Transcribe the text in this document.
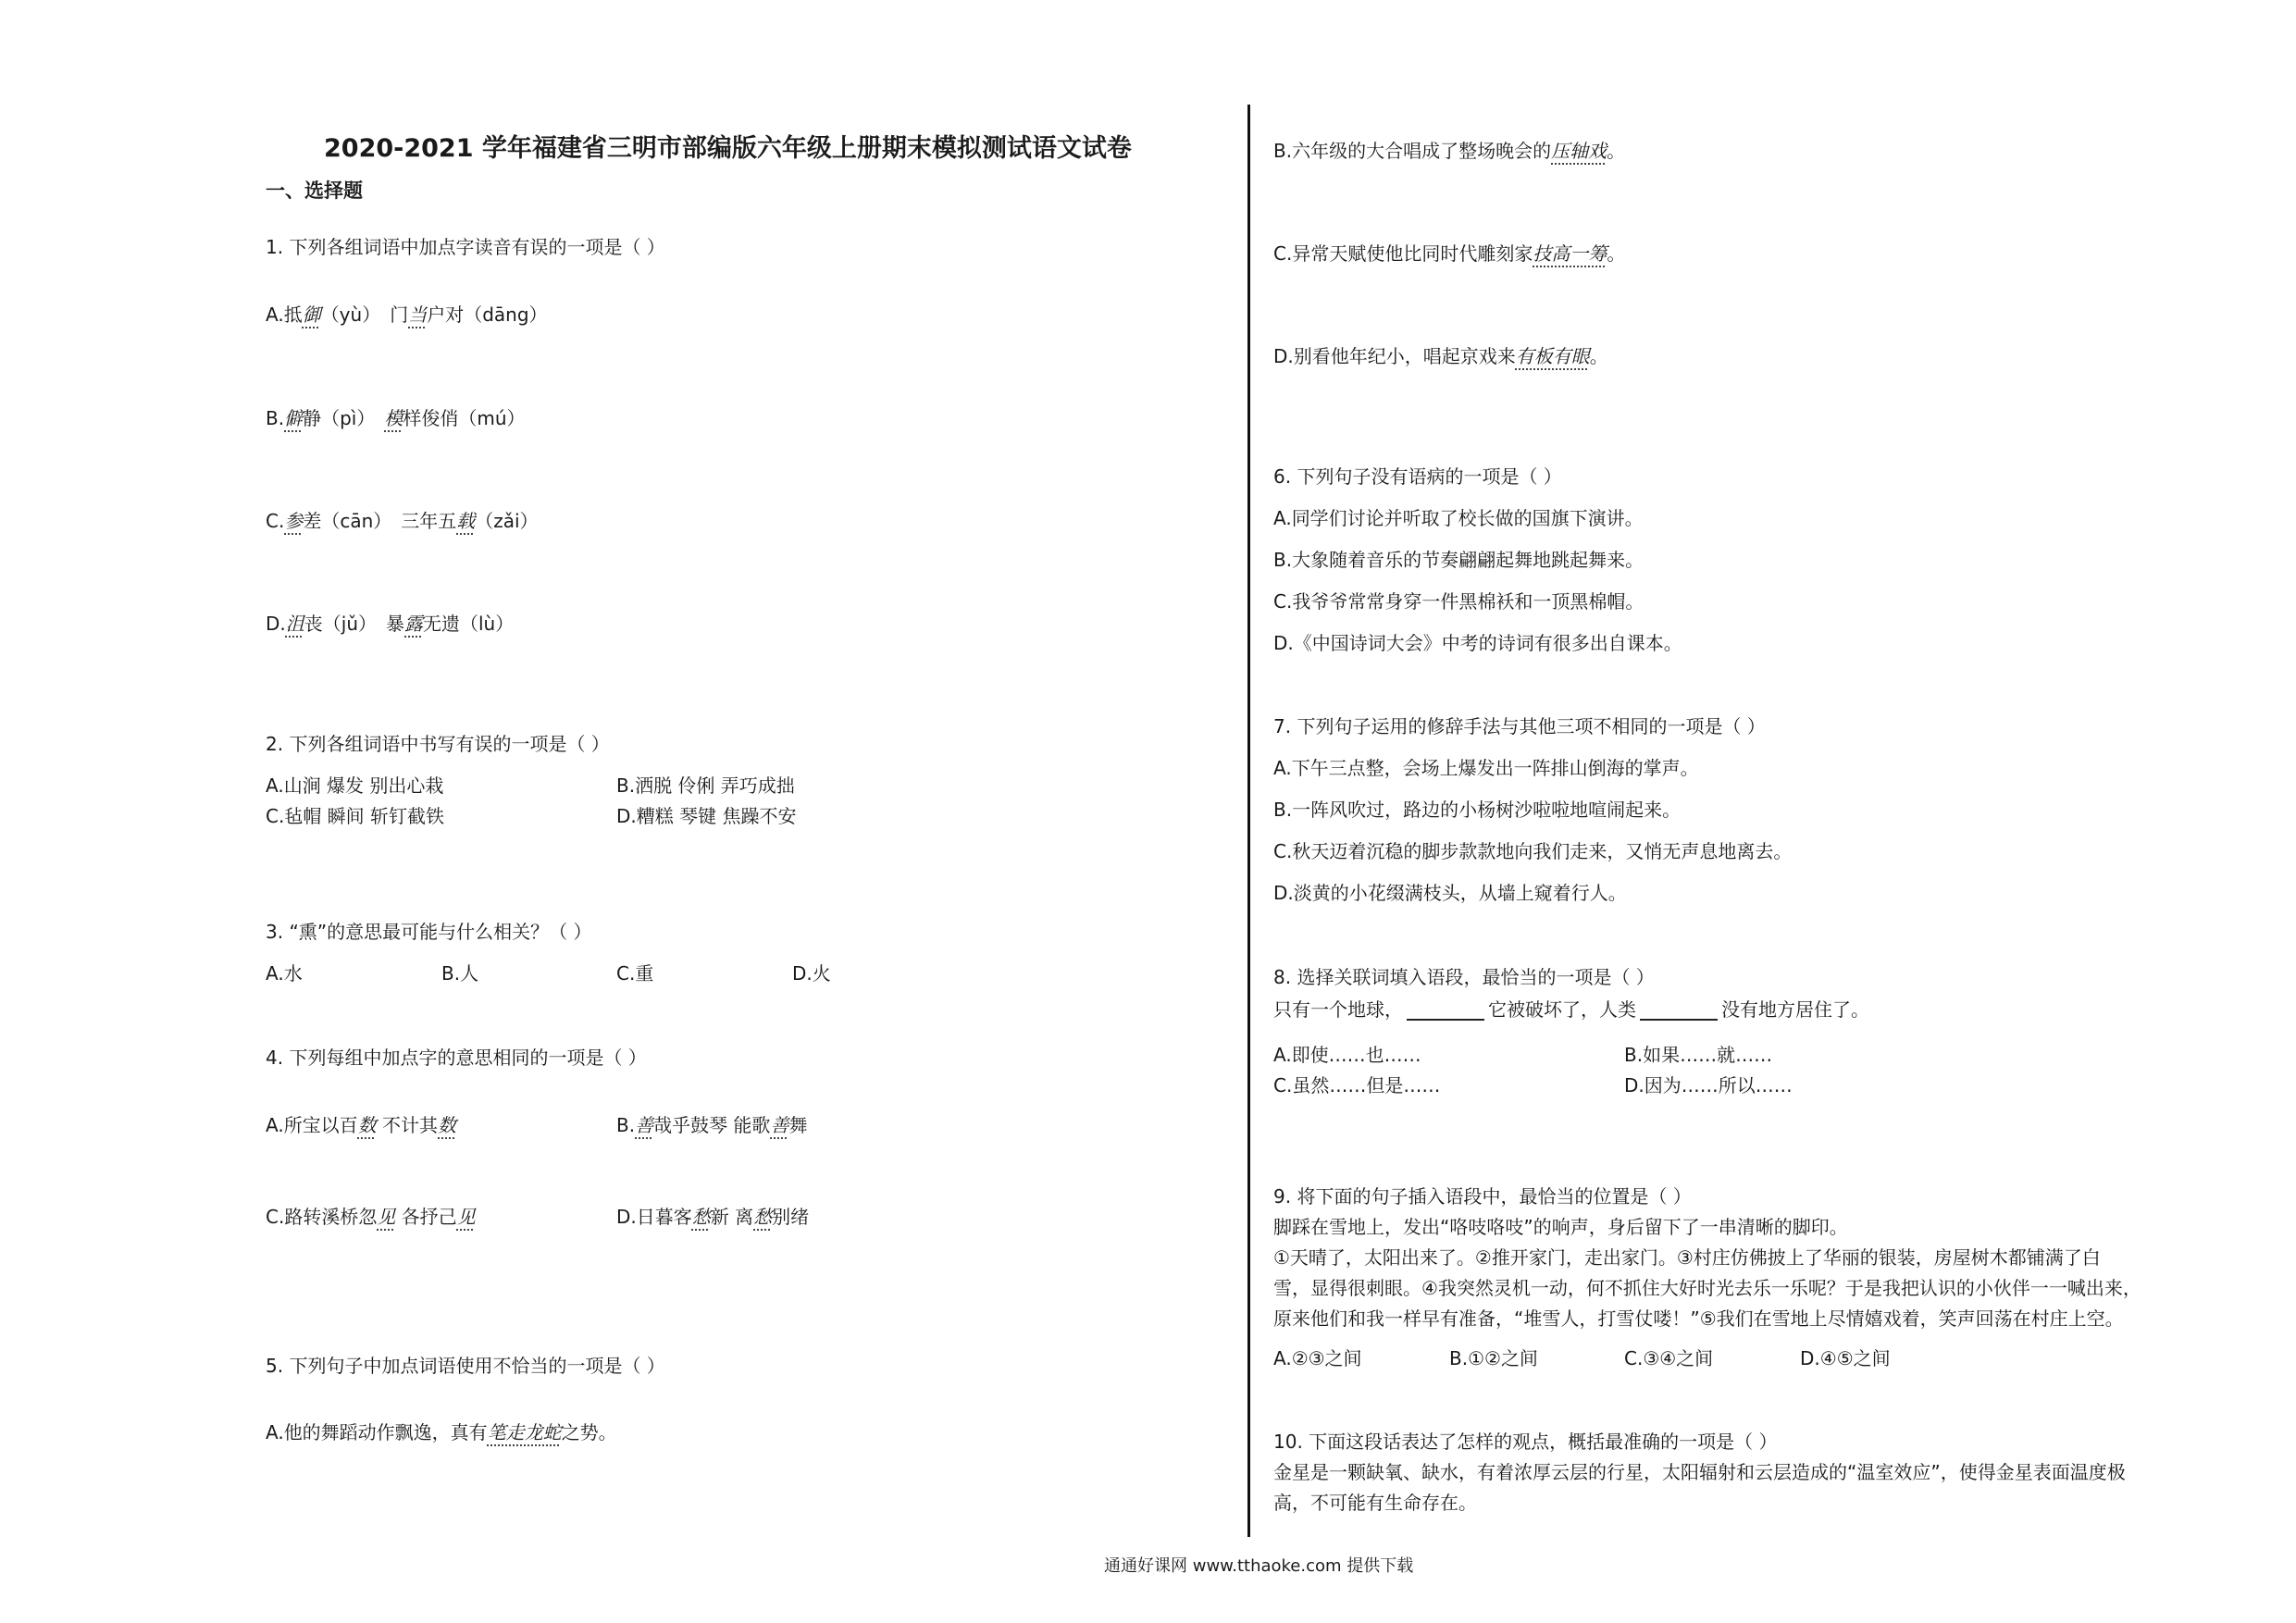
2020-2021 学年福建省三明市部编版六年级上册期末模拟测试语文试卷
一、选择题
1. 下列各组词语中加点字读音有误的一项是（ ）
A.抵御（yù）　门当户对（dāng）
B.僻静（pì）　模样俊俏（mú）
C.参差（cān）　三年五载（zǎi）
D.沮丧（jǔ）　暴露无遗（lù）
2. 下列各组词语中书写有误的一项是（ ）
A.山涧 爆发 别出心栽	B.洒脱 伶俐 弄巧成拙
C.毡帽 瞬间 斩钉截铁	D.糟糕 琴键 焦躁不安
3. “熏”的意思最可能与什么相关？（ ）
A.水	B.人	C.重	D.火
4. 下列每组中加点字的意思相同的一项是（ ）
A.所宝以百数 不计其数	B.善哉乎鼓琴 能歌善舞
C.路转溪桥忽见 各抒己见	D.日暮客愁新 离愁别绪
5. 下列句子中加点词语使用不恰当的一项是（ ）
A.他的舞蹈动作飘逸，真有笔走龙蛇之势。
B.六年级的大合唱成了整场晚会的压轴戏。
C.异常天赋使他比同时代雕刻家技高一筹。
D.别看他年纪小，唱起京戏来有板有眼。
6. 下列句子没有语病的一项是（ ）
A.同学们讨论并听取了校长做的国旗下演讲。
B.大象随着音乐的节奏翩翩起舞地跳起舞来。
C.我爷爷常常身穿一件黑棉袄和一顶黑棉帽。
D.《中国诗词大会》中考的诗词有很多出自课本。
7. 下列句子运用的修辞手法与其他三项不相同的一项是（ ）
A.下午三点整，会场上爆发出一阵排山倒海的掌声。
B.一阵风吹过，路边的小杨树沙啦啦地喧闹起来。
C.秋天迈着沉稳的脚步款款地向我们走来，又悄无声息地离去。
D.淡黄的小花缀满枝头，从墙上窥着行人。
8. 选择关联词填入语段，最恰当的一项是（ ）
只有一个地球，	它被破坏了，人类	没有地方居住了。
A.即使……也……	B.如果……就……
C.虽然……但是……	D.因为……所以……
9. 将下面的句子插入语段中，最恰当的位置是（ ）
脚踩在雪地上，发出“咯吱咯吱”的响声，身后留下了一串清晰的脚印。
①天晴了，太阳出来了。②推开家门，走出家门。③村庄仿佛披上了华丽的银装，房屋树木都铺满了白
雪，显得很刺眼。④我突然灵机一动，何不抓住大好时光去乐一乐呢？于是我把认识的小伙伴一一喊出来，
原来他们和我一样早有准备，“堆雪人，打雪仗喽！”⑤我们在雪地上尽情嬉戏着，笑声回荡在村庄上空。
A.②③之间	B.①②之间	C.③④之间	D.④⑤之间
10. 下面这段话表达了怎样的观点，概括最准确的一项是（ ）
金星是一颗缺氧、缺水，有着浓厚云层的行星，太阳辐射和云层造成的“温室效应”，使得金星表面温度极
高，不可能有生命存在。
通通好课网 www.tthaoke.com 提供下载
